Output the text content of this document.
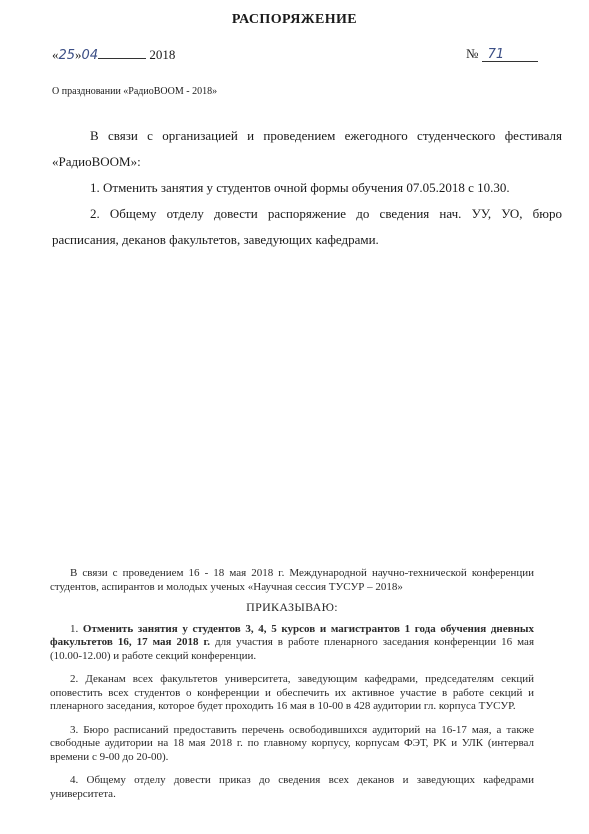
РАСПОРЯЖЕНИЕ
«25»04	2018	№ 71
О праздновании «РадиоВООМ - 2018»

В связи с организацией и проведением ежегодного студенческого фестиваля «РадиоВООМ»:

1. Отменить занятия у студентов очной формы обучения 07.05.2018 с 10.30.

2. Общему отделу довести распоряжение до сведения нач. УУ, УО, бюро расписания, деканов факультетов, заведующих кафедрами.

В связи с проведением 16 - 18 мая 2018 г. Международной научно-технической конференции студентов, аспирантов и молодых ученых «Научная сессия ТУСУР – 2018»

ПРИКАЗЫВАЮ:

1. Отменить занятия у студентов 3, 4, 5 курсов и магистрантов 1 года обучения дневных факультетов 16, 17 мая 2018 г. для участия в работе пленарного заседания конференции 16 мая (10.00-12.00) и работе секций конференции.

2. Деканам всех факультетов университета, заведующим кафедрами, председателям секций оповестить всех студентов о конференции и обеспечить их активное участие в работе секций и пленарного заседания, которое будет проходить 16 мая в 10-00 в 428 аудитории гл. корпуса ТУСУР.

3. Бюро расписаний предоставить перечень освободившихся аудиторий на 16-17 мая, а также свободные аудитории на 18 мая 2018 г. по главному корпусу, корпусам ФЭТ, РК и УЛК (интервал времени с 9-00 до 20-00).

4. Общему отделу довести приказ до сведения всех деканов и заведующих кафедрами университета.
